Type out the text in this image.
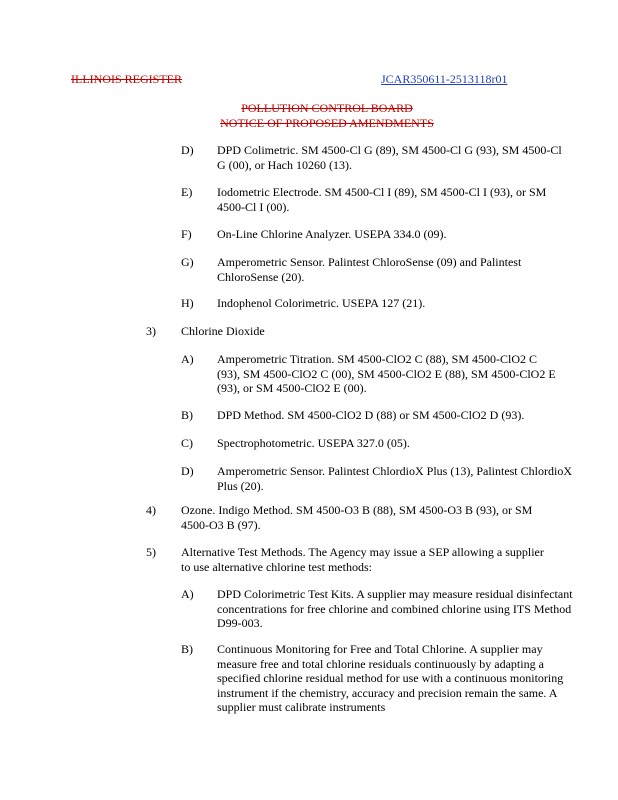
ILLINOIS REGISTER	JCAR350611-2513118r01
POLLUTION CONTROL BOARD
NOTICE OF PROPOSED AMENDMENTS
D) DPD Colimetric. SM 4500-Cl G (89), SM 4500-Cl G (93), SM 4500-Cl G (00), or Hach 10260 (13).
E) Iodometric Electrode. SM 4500-Cl I (89), SM 4500-Cl I (93), or SM 4500-Cl I (00).
F) On-Line Chlorine Analyzer. USEPA 334.0 (09).
G) Amperometric Sensor. Palintest ChloroSense (09) and Palintest ChloroSense (20).
H) Indophenol Colorimetric. USEPA 127 (21).
3) Chlorine Dioxide
A) Amperometric Titration. SM 4500-ClO2 C (88), SM 4500-ClO2 C (93), SM 4500-ClO2 C (00), SM 4500-ClO2 E (88), SM 4500-ClO2 E (93), or SM 4500-ClO2 E (00).
B) DPD Method. SM 4500-ClO2 D (88) or SM 4500-ClO2 D (93).
C) Spectrophotometric. USEPA 327.0 (05).
D) Amperometric Sensor. Palintest ChlordioX Plus (13), Palintest ChlordioX Plus (20).
4) Ozone. Indigo Method. SM 4500-O3 B (88), SM 4500-O3 B (93), or SM 4500-O3 B (97).
5) Alternative Test Methods. The Agency may issue a SEP allowing a supplier to use alternative chlorine test methods:
A) DPD Colorimetric Test Kits. A supplier may measure residual disinfectant concentrations for free chlorine and combined chlorine using ITS Method D99-003.
B) Continuous Monitoring for Free and Total Chlorine. A supplier may measure free and total chlorine residuals continuously by adapting a specified chlorine residual method for use with a continuous monitoring instrument if the chemistry, accuracy and precision remain the same. A supplier must calibrate instruments
